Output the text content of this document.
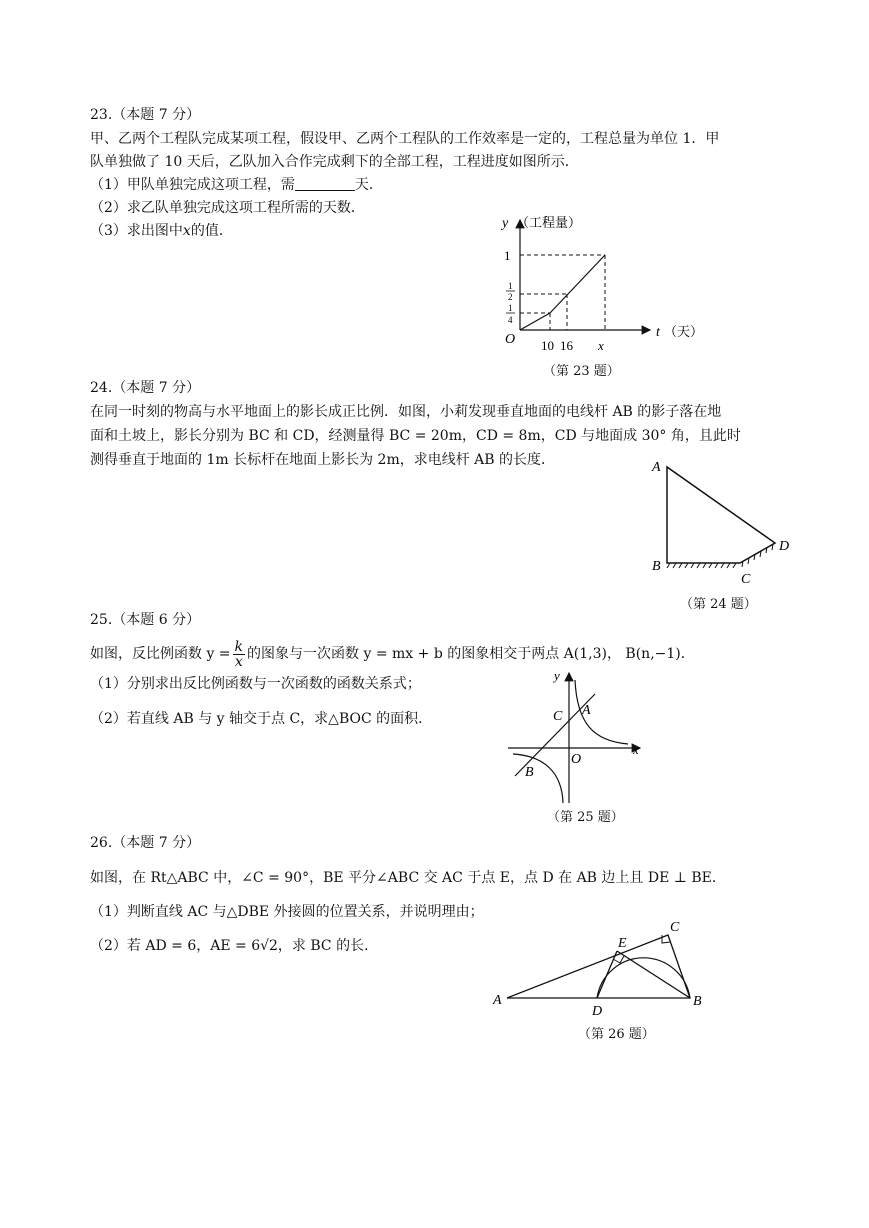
23.（本题 7 分）
甲、乙两个工程队完成某项工程，假设甲、乙两个工程队的工作效率是一定的，工程总量为单位 1．甲
队单独做了 10 天后，乙队加入合作完成剩下的全部工程，工程进度如图所示．
（1）甲队单独完成这项工程，需	天．
（2）求乙队单独完成这项工程所需的天数．
（3）求出图中x的值．	y （工程量）
1
1
2
1
4
O 10 16 x
t （天）
（第 23 题）
24.（本题 7 分）
在同一时刻的物高与水平地面上的影长成正比例．如图，小莉发现垂直地面的电线杆 AB 的影子落在地
面和土坡上，影长分别为 BC 和 CD，经测量得 BC = 20m，CD = 8m，CD 与地面成 30° 角，且此时
测得垂直于地面的 1m 长标杆在地面上影长为 2m，求电线杆 AB 的长度．	A
B
C
D
（第 24 题）
25.（本题 6 分）
如图，反比例函数 $y = \frac{k}{x}$ 的图象与一次函数 y = mx + b 的图象相交于两点 A(1,3)， B(n,−1)．
（1）分别求出反比例函数与一次函数的函数关系式；
（2）若直线 AB 与 y 轴交于点 C，求△BOC 的面积．
y
x
C A
O
B
（第 25 题）
26.（本题 7 分）
如图，在 Rt△ABC 中，∠C = 90°，BE 平分∠ABC 交 AC 于点 E，点 D 在 AB 边上且 DE ⊥ BE．
（1）判断直线 AC 与△DBE 外接圆的位置关系，并说明理由；
（2）若 AD = 6，AE = 6√2，求 BC 的长．
A	B
C
D
E
（第 26 题）
